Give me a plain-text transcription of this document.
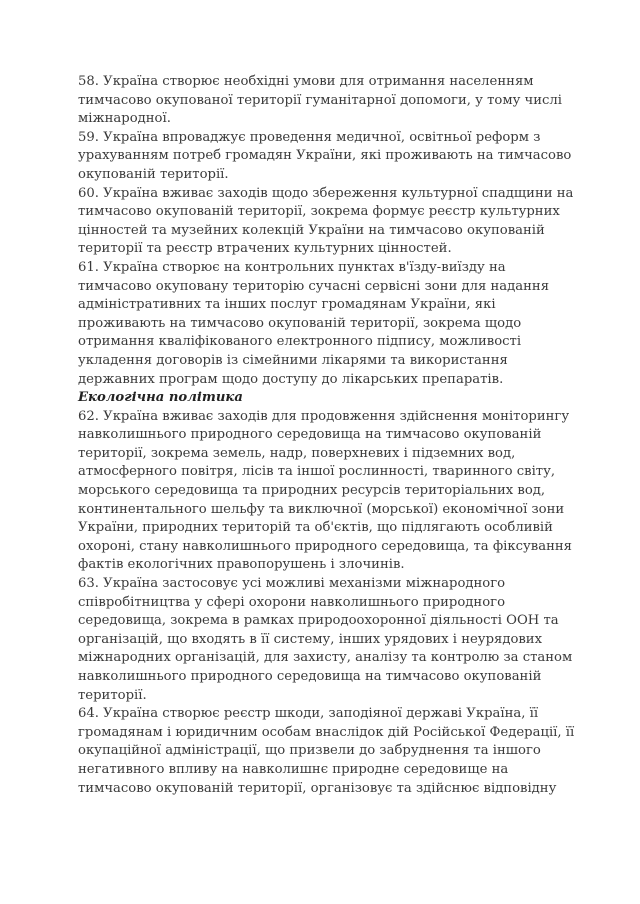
58. Україна створює необхідні умови для отримання населенням тимчасово окупованої території гуманітарної допомоги, у тому числі міжнародної.

59. Україна впроваджує проведення медичної, освітньої реформ з урахуванням потреб громадян України, які проживають на тимчасово окупованій території.

60. Україна вживає заходів щодо збереження культурної спадщини на тимчасово окупованій території, зокрема формує реєстр культурних цінностей та музейних колекцій України на тимчасово окупованій території та реєстр втрачених культурних цінностей.

61. Україна створює на контрольних пунктах в'їзду-виїзду на тимчасово окуповану територію сучасні сервісні зони для надання адміністративних та інших послуг громадянам України, які проживають на тимчасово окупованій території, зокрема щодо отримання кваліфікованого електронного підпису, можливості укладення договорів із сімейними лікарями та використання державних програм щодо доступу до лікарських препаратів.

Екологічна політика

62. Україна вживає заходів для продовження здійснення моніторингу навколишнього природного середовища на тимчасово окупованій території, зокрема земель, надр, поверхневих і підземних вод, атмосферного повітря, лісів та іншої рослинності, тваринного світу, морського середовища та природних ресурсів територіальних вод, континентального шельфу та виключної (морської) економічної зони України, природних територій та об'єктів, що підлягають особливій охороні, стану навколишнього природного середовища, та фіксування фактів екологічних правопорушень і злочинів.

63. Україна застосовує усі можливі механізми міжнародного співробітництва у сфері охорони навколишнього природного середовища, зокрема в рамках природоохоронної діяльності ООН та організацій, що входять в її систему, інших урядових і неурядових міжнародних організацій, для захисту, аналізу та контролю за станом навколишнього природного середовища на тимчасово окупованій території.

64. Україна створює реєстр шкоди, заподіяної державі Україна, її громадянам і юридичним особам внаслідок дій Російської Федерації, її окупаційної адміністрації, що призвели до забруднення та іншого негативного впливу на навколишнє природне середовище на тимчасово окупованій території, організовує та здійснює відповідну
